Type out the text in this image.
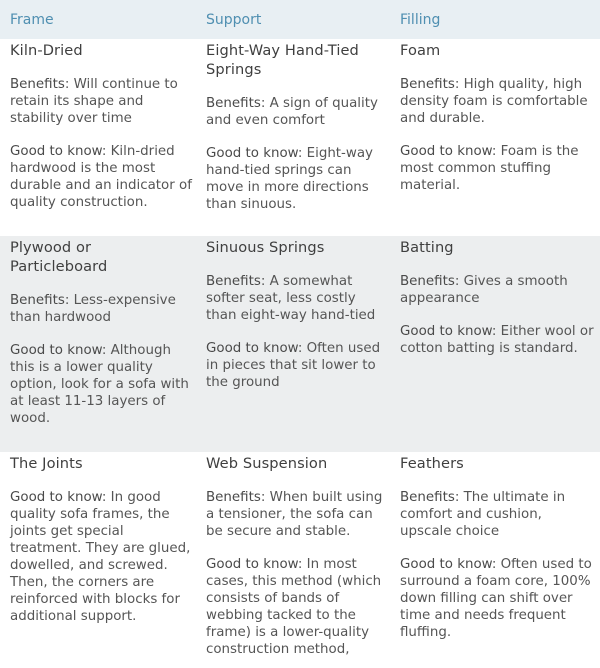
Frame	Support	Filling
Kiln-Dried
Benefits: Will continue to retain its shape and stability over time
Good to know: Kiln-dried hardwood is the most durable and an indicator of quality construction.
Eight-Way Hand-Tied Springs
Benefits: A sign of quality and even comfort
Good to know: Eight-way hand-tied springs can move in more directions than sinuous.
Foam
Benefits: High quality, high density foam is comfortable and durable.
Good to know: Foam is the most common stuffing material.
Plywood or Particleboard
Benefits: Less-expensive than hardwood
Good to know: Although this is a lower quality option, look for a sofa with at least 11-13 layers of wood.
Sinuous Springs
Benefits: A somewhat softer seat, less costly than eight-way hand-tied
Good to know: Often used in pieces that sit lower to the ground
Batting
Benefits: Gives a smooth appearance
Good to know: Either wool or cotton batting is standard.
The Joints
Good to know: In good quality sofa frames, the joints get special treatment. They are glued, dowelled, and screwed. Then, the corners are reinforced with blocks for additional support.
Web Suspension
Benefits: When built using a tensioner, the sofa can be secure and stable.
Good to know: In most cases, this method (which consists of bands of webbing tacked to the frame) is a lower-quality construction method,
Feathers
Benefits: The ultimate in comfort and cushion, upscale choice
Good to know: Often used to surround a foam core, 100% down filling can shift over time and needs frequent fluffing.
